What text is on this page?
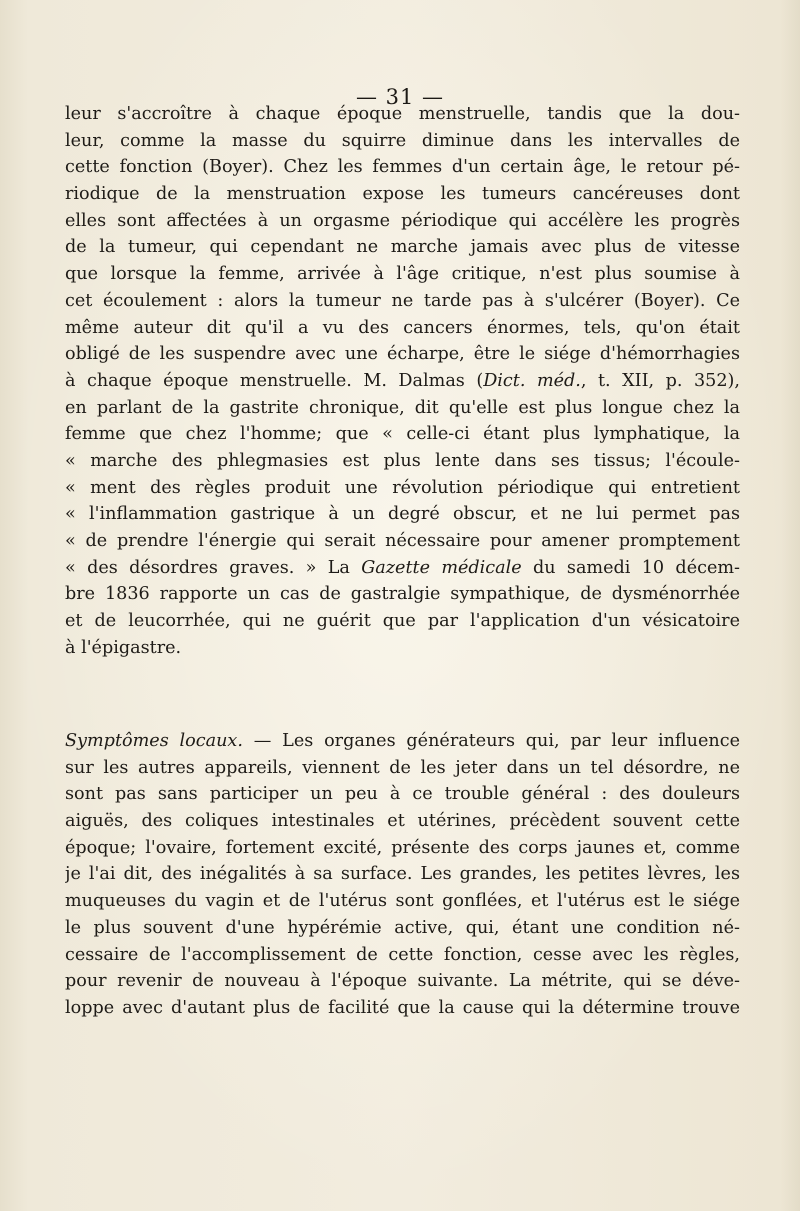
— 31 —
leur s'accroître à chaque époque menstruelle, tandis que la dou-
leur, comme la masse du squirre diminue dans les intervalles de
cette fonction (Boyer). Chez les femmes d'un certain âge, le retour pé-
riodique de la menstruation expose les tumeurs cancéreuses dont
elles sont affectées à un orgasme périodique qui accélère les progrès
de la tumeur, qui cependant ne marche jamais avec plus de vitesse
que lorsque la femme, arrivée à l'âge critique, n'est plus soumise à
cet écoulement : alors la tumeur ne tarde pas à s'ulcérer (Boyer). Ce
même auteur dit qu'il a vu des cancers énormes, tels, qu'on était
obligé de les suspendre avec une écharpe, être le siége d'hémorrhagies
à chaque époque menstruelle. M. Dalmas (Dict. méd., t. XII, p. 352),
en parlant de la gastrite chronique, dit qu'elle est plus longue chez la
femme que chez l'homme; que « celle-ci étant plus lymphatique, la
« marche des phlegmasies est plus lente dans ses tissus; l'écoule-
« ment des règles produit une révolution périodique qui entretient
« l'inflammation gastrique à un degré obscur, et ne lui permet pas
« de prendre l'énergie qui serait nécessaire pour amener promptement
« des désordres graves. » La Gazette médicale du samedi 10 décem-
bre 1836 rapporte un cas de gastralgie sympathique, de dysménorrhée
et de leucorrhée, qui ne guérit que par l'application d'un vésicatoire
à l'épigastre.
Symptômes locaux. — Les organes générateurs qui, par leur influence
sur les autres appareils, viennent de les jeter dans un tel désordre, ne
sont pas sans participer un peu à ce trouble général : des douleurs
aiguës, des coliques intestinales et utérines, précèdent souvent cette
époque; l'ovaire, fortement excité, présente des corps jaunes et, comme
je l'ai dit, des inégalités à sa surface. Les grandes, les petites lèvres, les
muqueuses du vagin et de l'utérus sont gonflées, et l'utérus est le siége
le plus souvent d'une hypérémie active, qui, étant une condition né-
cessaire de l'accomplissement de cette fonction, cesse avec les règles,
pour revenir de nouveau à l'époque suivante. La métrite, qui se déve-
loppe avec d'autant plus de facilité que la cause qui la détermine trouve
